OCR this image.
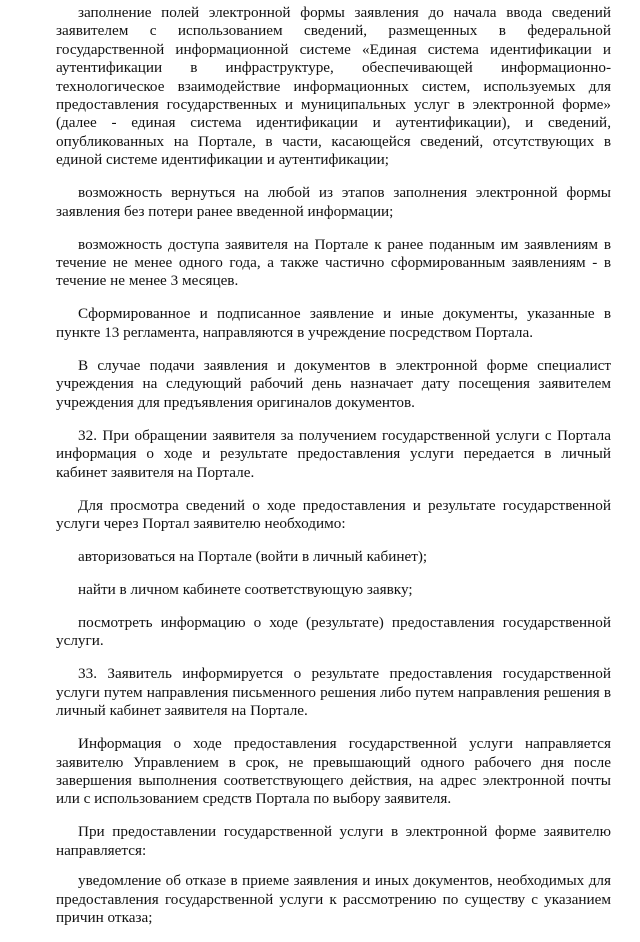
заполнение полей электронной формы заявления до начала ввода сведений заявителем с использованием сведений, размещенных в федеральной государственной информационной системе «Единая система идентификации и аутентификации в инфраструктуре, обеспечивающей информационно-технологическое взаимодействие информационных систем, используемых для предоставления государственных и муниципальных услуг в электронной форме» (далее - единая система идентификации и аутентификации), и сведений, опубликованных на Портале, в части, касающейся сведений, отсутствующих в единой системе идентификации и аутентификации;

возможность вернуться на любой из этапов заполнения электронной формы заявления без потери ранее введенной информации;

возможность доступа заявителя на Портале к ранее поданным им заявлениям в течение не менее одного года, а также частично сформированным заявлениям - в течение не менее 3 месяцев.

Сформированное и подписанное заявление и иные документы, указанные в пункте 13 регламента, направляются в учреждение посредством Портала.

В случае подачи заявления и документов в электронной форме специалист учреждения на следующий рабочий день назначает дату посещения заявителем учреждения для предъявления оригиналов документов.

32. При обращении заявителя за получением государственной услуги с Портала информация о ходе и результате предоставления услуги передается в личный кабинет заявителя на Портале.

Для просмотра сведений о ходе предоставления и результате государственной услуги через Портал заявителю необходимо:

авторизоваться на Портале (войти в личный кабинет);

найти в личном кабинете соответствующую заявку;

посмотреть информацию о ходе (результате) предоставления государственной услуги.

33. Заявитель информируется о результате предоставления государственной услуги путем направления письменного решения либо путем направления решения в личный кабинет заявителя на Портале.

Информация о ходе предоставления государственной услуги направляется заявителю Управлением в срок, не превышающий одного рабочего дня после завершения выполнения соответствующего действия, на адрес электронной почты или с использованием средств Портала по выбору заявителя.

При предоставлении государственной услуги в электронной форме заявителю направляется:

уведомление об отказе в приеме заявления и иных документов, необходимых для предоставления государственной услуги к рассмотрению по существу с указанием причин отказа;
